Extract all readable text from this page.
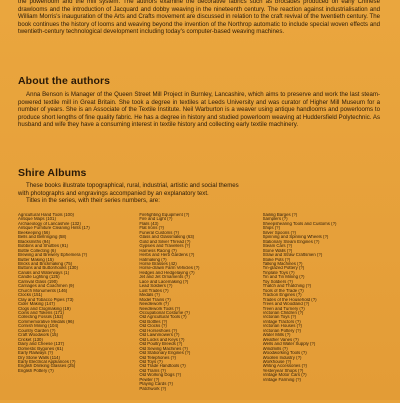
the powerloom and the mill system. The authors examine the decorative fabrics such as brocades produced on early Chinese drawlooms and the introduction of Jacquard and dobby weaving in the nineteenth century. The reaction against industrialisation and William Morris's inauguration of the Arts and Crafts movement are discussed in relation to the craft revival of the twentieth century. The book continues the history of looms and weaving beyond the invention of the Northrop automatic to include special woven effects and twentieth-century technological development including today's computer-based weaving machines.

About the authors

Anna Benson is Manager of the Queen Street Mill Project in Burnley, Lancashire, which aims to preserve and work the last steam-powered textile mill in Great Britain. She took a degree in textiles at Leeds University and was curator of Higher Mill Museum for a number of years. She is an Associate of the Textile Institute. Neil Warburton is a weaver using antique handlooms and powerlooms to produce short lengths of fine quality fabric. He has a degree in history and studied powerloom weaving at Huddersfield Polytechnic. As husband and wife they have a consuming interest in textile history and collecting early textile machinery.

Shire Albums

These books illustrate topographical, rural, industrial, artistic and social themes
with photographs and engravings accompanied by an explanatory text.
Titles in the series, with their series numbers, are:

Agricultural Hand Tools (100)
Antique Maps (101)
Archaeology of Lancashire (132)
Antique Furniture Cleaning Hints (17)
Beekeeping (56)
Bells and Bellringing (58)
Blacksmiths (94)
Bobbins and Shuttles (91)
Bottle Collecting (6)
Brewing and Brewery Ephemera (?)
Butter Making (15)
Bricks and Brickmaking (75)
Buttons and Buttonhooks (130)
Canals and Waterways (1)
Candle Lighting (125)
Carnival Glass (190)
Carriages and Coachmen (9)
Church Monuments (146)
Clocks (151)
Clay and Tobacco Pipes (73)
Cider Making (147)
Clogs and Clogmaking (19)
Coins and Tokens (171)
Collecting Fossils (152)
Commemorative Medals (96)
Cornish Mining (104)
Country Garden (?)
Craft Woodwork (15)
Cricket (130)
Dairy and Cheese (137)
Domestic Bygones (61)
Early Railways (?)
Dry Stone Walls (114)
Early Electrical Appliances (?)
English Drinking Glasses (25)
English Pottery (?)
Firefighting Equipment (?)
Fire and Light (?)
Flails (43)
Flat Irons (?)
Funeral Customs (?)
Glass and Glassmaking (63)
Gold and Silver Thread (?)
Gypsies and Travellers (?)
Harness Racing (?)
Herbs and Herb Gardens (?)
Hatmaking (?)
Horse Brasses (42)
Horse-drawn Farm Vehicles (?)
Hedges and Hedgelaying (?)
Jet and Jet Ornaments (?)
Lace and Lacemaking (?)
Lead Soldiers (?)
Lost Trades (?)
Medals (?)
Model Trains (?)
Needlework (?)
Needlework Tools (?)
Occupational Costume (?)
Old Agricultural Tools (?)
Old Bottles (?)
Old Clocks (?)
Old Horseshoes (?)
Old Lawnmowers (?)
Old Locks and Keys (?)
Old Poultry Breeds (?)
Old Sewing Machines (?)
Old Stationary Engines (?)
Old Telephones (?)
Old Toys (?)
Old Trade Handtools (?)
Old Trams (?)
Old Working Dogs (?)
Pewter (?)
Playing Cards (?)
Patchwork (?)
Sailing Barges (?)
Samplers (?)
Sheepshearing Tools and Customs (?)
Ships (?)
Silver Spoons (?)
Spinning and Spinning Wheels (?)
Stationary Steam Engines (?)
Steam Cars (?)
Stone Walls (?)
Straw and Straw Craftsmen (?)
Stoke Pots (?)
Talking Machines (?)
Tin-glazed Pottery (?)
Tinplate Toys (?)
Tin and Tin Mining (?)
Toy Soldiers (?)
Thatch and Thatching (?)
Tools of the Trade (?)
Traction Engines (?)
Trades of the Household (?)
Trees and Woodland (?)
Treen and Turnery (?)
Victorian Children (?)
Victorian Toys (?)
Vintage Tractors (?)
Victorian Houses (?)
Victorian Pottery (?)
Water Mills (?)
Weather Vanes (?)
Wells and Water Supply (?)
Windmills (?)
Woodworking Tools (?)
Woollen Industry (?)
Workhouse (?)
Writing Accessories (?)
Yesteryear Shops (?)
Vintage Motor Cars (?)
Vintage Farming (?)
